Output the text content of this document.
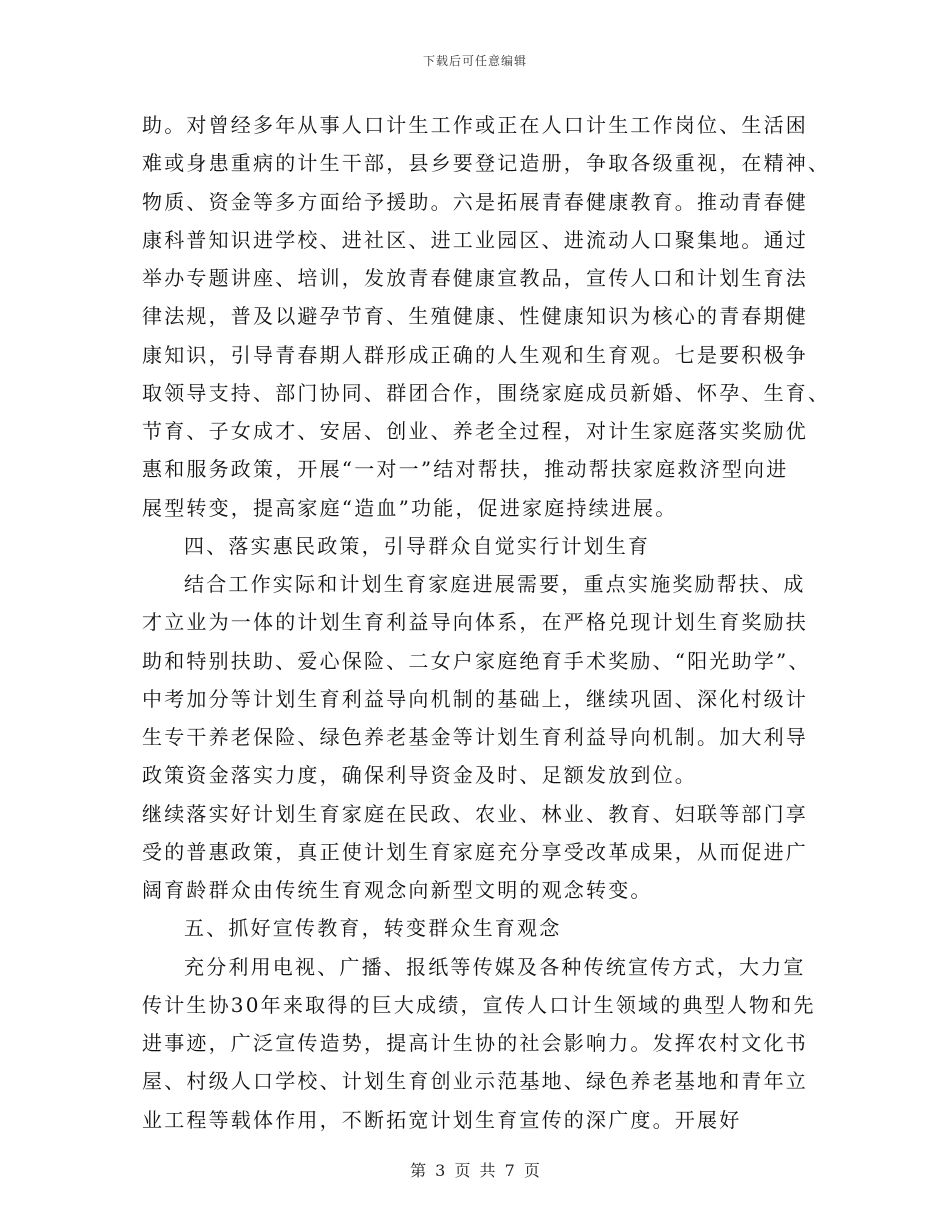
下载后可任意编辑
助。对曾经多年从事人口计生工作或正在人口计生工作岗位、生活困
难或身患重病的计生干部，县乡要登记造册，争取各级重视，在精神、
物质、资金等多方面给予援助。六是拓展青春健康教育。推动青春健
康科普知识进学校、进社区、进工业园区、进流动人口聚集地。通过
举办专题讲座、培训，发放青春健康宣教品，宣传人口和计划生育法
律法规，普及以避孕节育、生殖健康、性健康知识为核心的青春期健
康知识，引导青春期人群形成正确的人生观和生育观。七是要积极争
取领导支持、部门协同、群团合作，围绕家庭成员新婚、怀孕、生育、
节育、子女成才、安居、创业、养老全过程，对计生家庭落实奖励优
惠和服务政策，开展“一对一”结对帮扶，推动帮扶家庭救济型向进
展型转变，提高家庭“造血”功能，促进家庭持续进展。
四、落实惠民政策，引导群众自觉实行计划生育
结合工作实际和计划生育家庭进展需要，重点实施奖励帮扶、成
才立业为一体的计划生育利益导向体系，在严格兑现计划生育奖励扶
助和特别扶助、爱心保险、二女户家庭绝育手术奖励、“阳光助学”、
中考加分等计划生育利益导向机制的基础上，继续巩固、深化村级计
生专干养老保险、绿色养老基金等计划生育利益导向机制。加大利导
政策资金落实力度，确保利导资金及时、足额发放到位。
继续落实好计划生育家庭在民政、农业、林业、教育、妇联等部门享
受的普惠政策，真正使计划生育家庭充分享受改革成果，从而促进广
阔育龄群众由传统生育观念向新型文明的观念转变。
五、抓好宣传教育，转变群众生育观念
充分利用电视、广播、报纸等传媒及各种传统宣传方式，大力宣
传计生协30年来取得的巨大成绩，宣传人口计生领域的典型人物和先
进事迹，广泛宣传造势，提高计生协的社会影响力。发挥农村文化书
屋、村级人口学校、计划生育创业示范基地、绿色养老基地和青年立
业工程等载体作用，不断拓宽计划生育宣传的深广度。开展好
第 3 页 共 7 页
